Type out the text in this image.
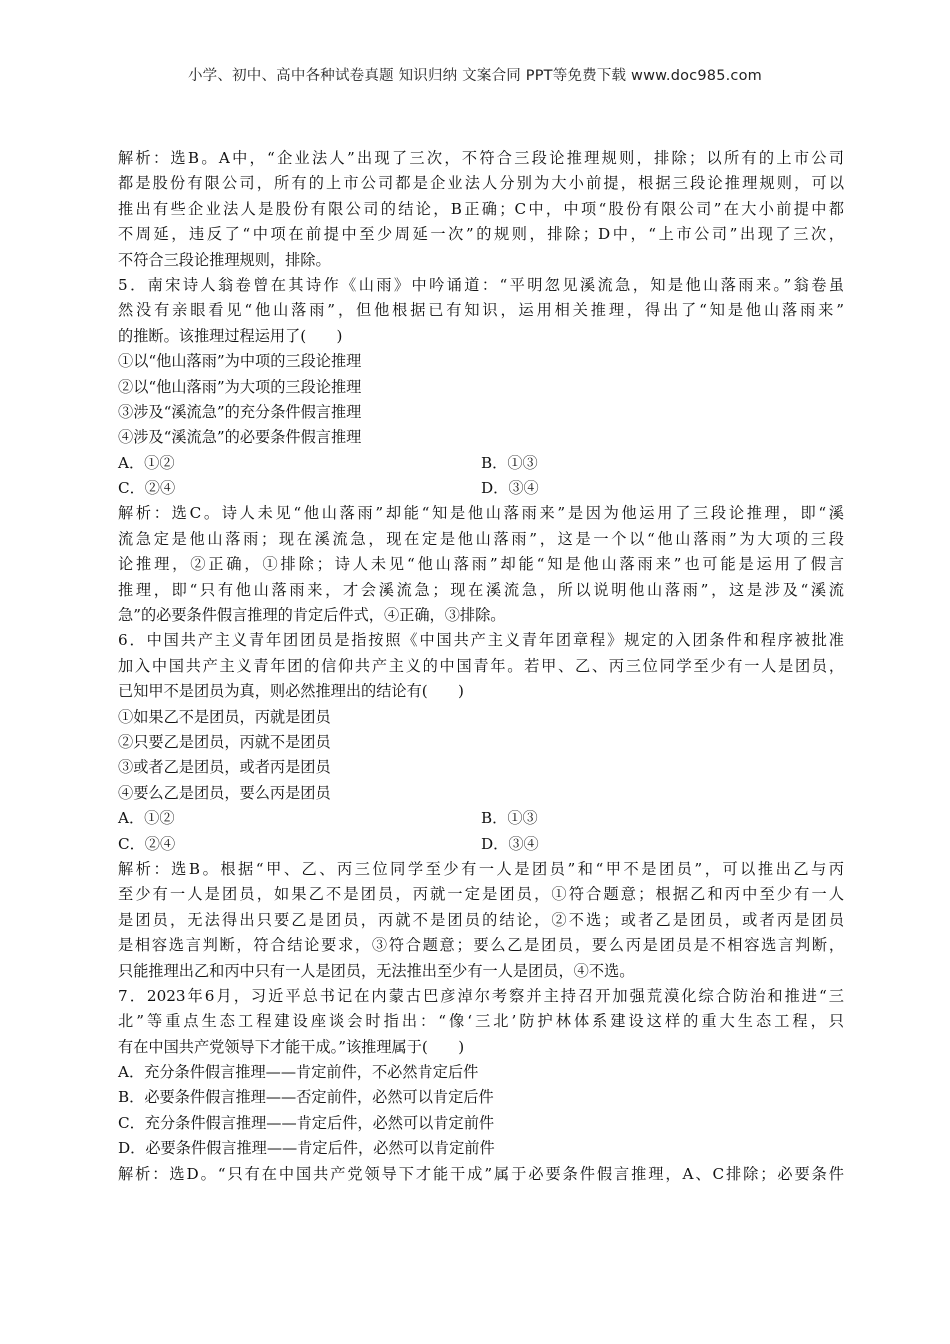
小学、初中、高中各种试卷真题 知识归纳 文案合同 PPT等免费下载 www.doc985.com
解析：选B。A中，“企业法人”出现了三次，不符合三段论推理规则，排除；以所有的上市公司
都是股份有限公司，所有的上市公司都是企业法人分别为大小前提，根据三段论推理规则，可以
推出有些企业法人是股份有限公司的结论，B正确；C中，中项“股份有限公司”在大小前提中都
不周延，违反了“中项在前提中至少周延一次”的规则，排除；D中，“上市公司”出现了三次，
不符合三段论推理规则，排除。
5．南宋诗人翁卷曾在其诗作《山雨》中吟诵道：“平明忽见溪流急，知是他山落雨来。”翁卷虽
然没有亲眼看见“他山落雨”，但他根据已有知识，运用相关推理，得出了“知是他山落雨来”
的推断。该推理过程运用了(　　)
①以“他山落雨”为中项的三段论推理
②以“他山落雨”为大项的三段论推理
③涉及“溪流急”的充分条件假言推理
④涉及“溪流急”的必要条件假言推理
A．①②	B．①③
C．②④	D．③④
解析：选C。诗人未见“他山落雨”却能“知是他山落雨来”是因为他运用了三段论推理，即“溪
流急定是他山落雨；现在溪流急，现在定是他山落雨”，这是一个以“他山落雨”为大项的三段
论推理，②正确，①排除；诗人未见“他山落雨”却能“知是他山落雨来”也可能是运用了假言
推理，即“只有他山落雨来，才会溪流急；现在溪流急，所以说明他山落雨”，这是涉及“溪流
急”的必要条件假言推理的肯定后件式，④正确，③排除。
6．中国共产主义青年团团员是指按照《中国共产主义青年团章程》规定的入团条件和程序被批准
加入中国共产主义青年团的信仰共产主义的中国青年。若甲、乙、丙三位同学至少有一人是团员，
已知甲不是团员为真，则必然推理出的结论有(　　)
①如果乙不是团员，丙就是团员
②只要乙是团员，丙就不是团员
③或者乙是团员，或者丙是团员
④要么乙是团员，要么丙是团员
A．①②	B．①③
C．②④	D．③④
解析：选B。根据“甲、乙、丙三位同学至少有一人是团员”和“甲不是团员”，可以推出乙与丙
至少有一人是团员，如果乙不是团员，丙就一定是团员，①符合题意；根据乙和丙中至少有一人
是团员，无法得出只要乙是团员，丙就不是团员的结论，②不选；或者乙是团员，或者丙是团员
是相容选言判断，符合结论要求，③符合题意；要么乙是团员，要么丙是团员是不相容选言判断，
只能推理出乙和丙中只有一人是团员，无法推出至少有一人是团员，④不选。
7．2023年6月，习近平总书记在内蒙古巴彦淖尔考察并主持召开加强荒漠化综合防治和推进“三
北”等重点生态工程建设座谈会时指出：“像‘三北’防护林体系建设这样的重大生态工程，只
有在中国共产党领导下才能干成。”该推理属于(　　)
A．充分条件假言推理——肯定前件，不必然肯定后件
B．必要条件假言推理——否定前件，必然可以肯定后件
C．充分条件假言推理——肯定后件，必然可以肯定前件
D．必要条件假言推理——肯定后件，必然可以肯定前件
解析：选D。“只有在中国共产党领导下才能干成”属于必要条件假言推理，A、C排除；必要条件
